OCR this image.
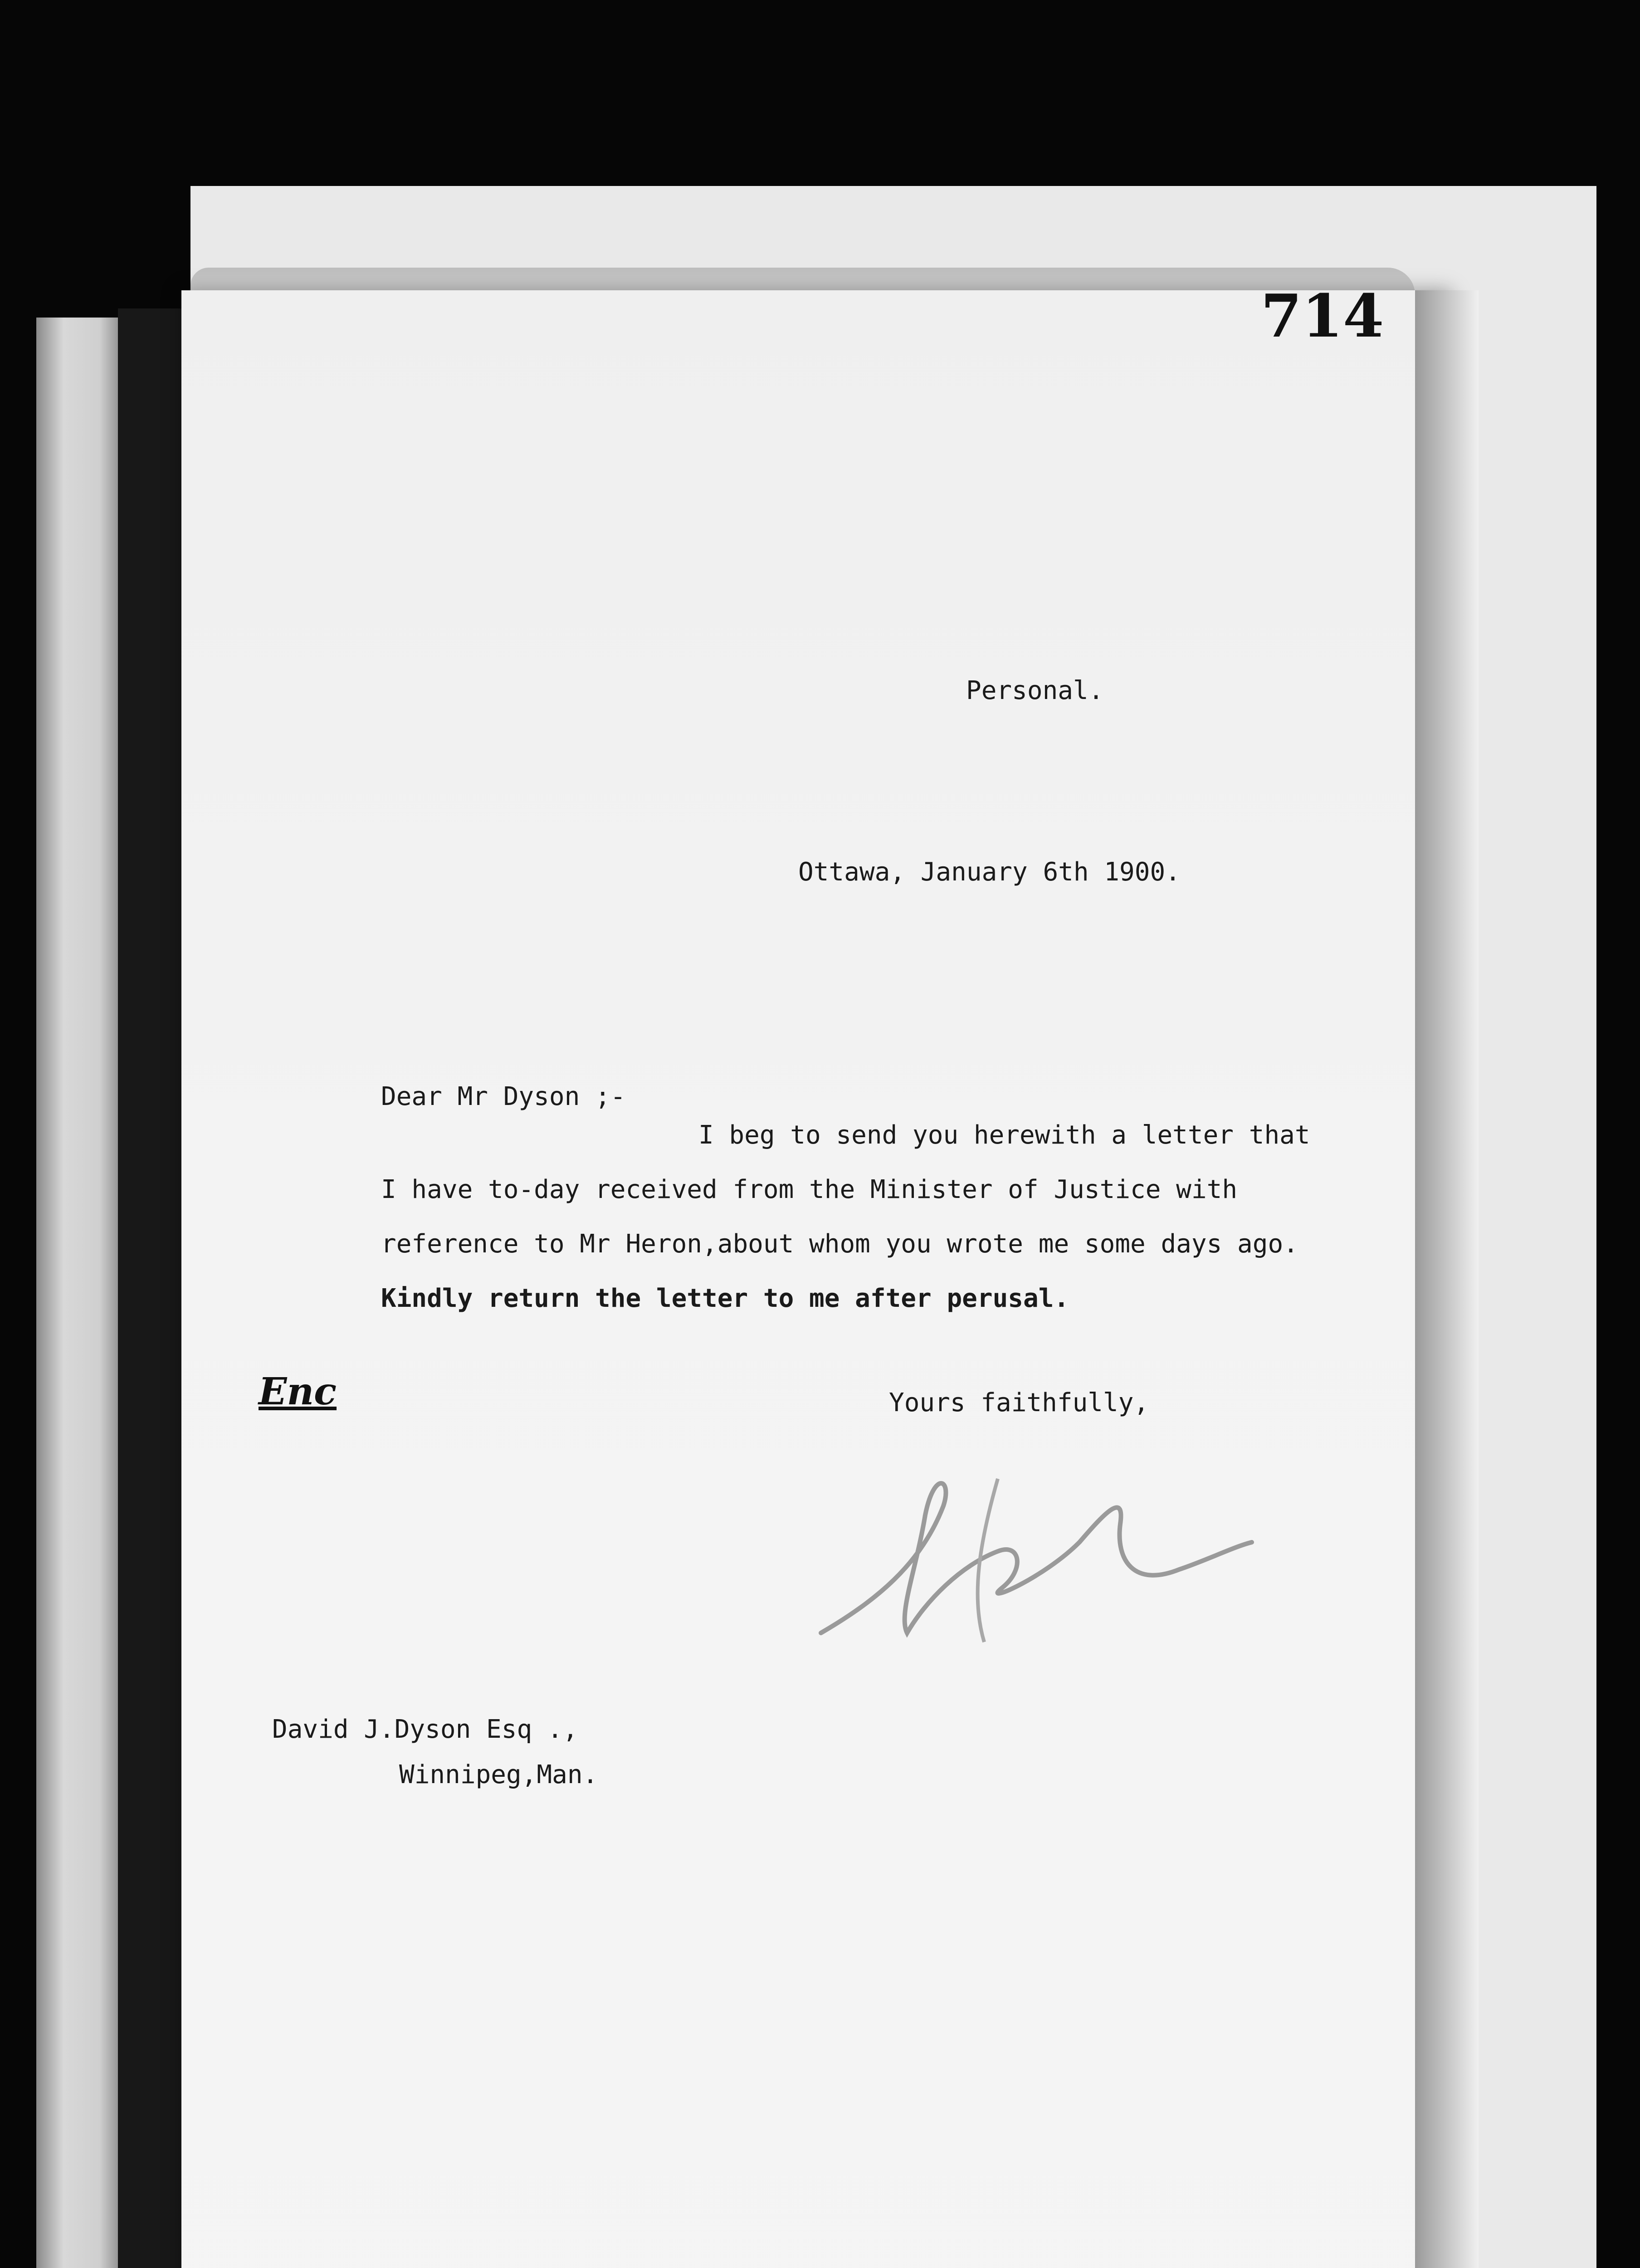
714
Personal.
Ottawa, January 6th 1900.
Dear Mr Dyson ;-
I beg to send you herewith a letter that
I have to-day received from the Minister of Justice with
reference to Mr Heron,about whom you wrote me some days ago.
Kindly return the letter to me after perusal.
Enc	Yours faithfully,
David J.Dyson Esq .,
Winnipeg,Man.
